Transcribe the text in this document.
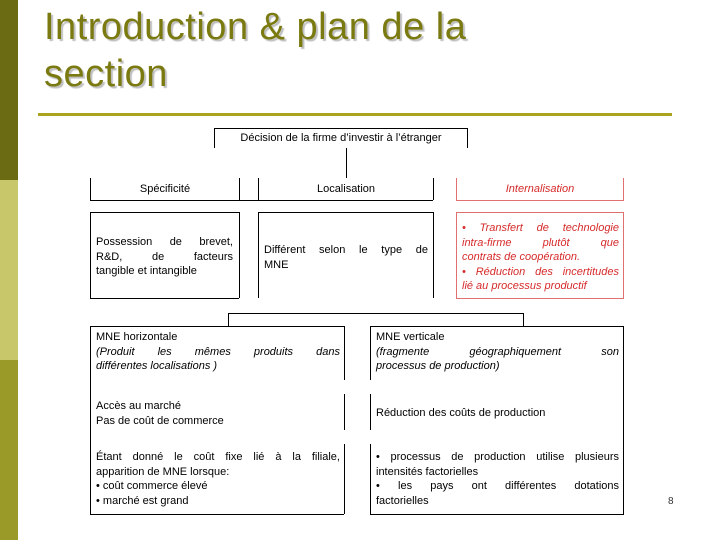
Introduction & plan de la
section
Décision de la firme d’investir à l’étranger
Spécificité	Localisation	Internalisation
Possession de brevet,
R&D, de facteurs
tangible et intangible
Différent selon le type de
MNE
• Transfert de technologie
intra-firme plutôt que
contrats de coopération.
• Réduction des incertitudes
lié au processus productif
MNE horizontale
(Produit les mêmes produits dans
différentes localisations )
MNE verticale
(fragmente géographiquement son
processus de production)
Accès au marché
Pas de coût de commerce
Réduction des coûts de production
Étant donné le coût fixe lié à la filiale,
apparition de MNE lorsque:
• coût commerce élevé
• marché est grand
• processus de production utilise plusieurs
intensités factorielles
• les pays ont différentes dotations
factorielles	8
